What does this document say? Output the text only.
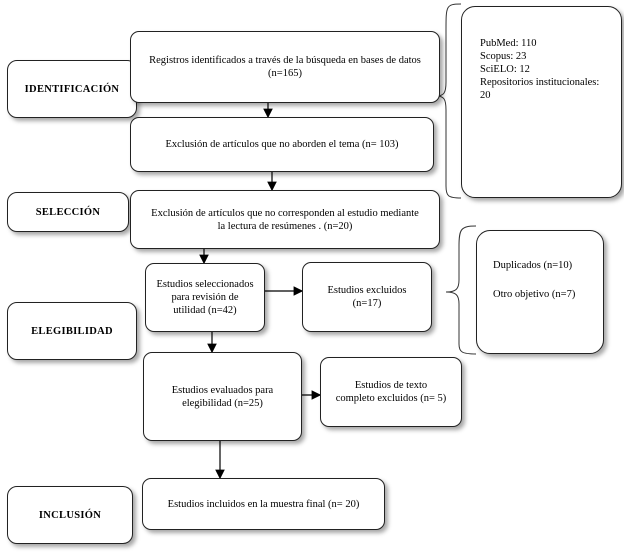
IDENTIFICACIÓN
SELECCIÓN
ELEGIBILIDAD
INCLUSIÓN
Registros identificados a través de la búsqueda en bases de datos
(n=165)
Exclusión de artículos que no aborden el tema (n= 103)
Exclusión de artículos que no corresponden al estudio mediante
la lectura de resúmenes . (n=20)
Estudios seleccionados
para revisión de
utilidad (n=42)
Estudios excluidos
(n=17)
Estudios evaluados para
elegibilidad (n=25)
Estudios de texto
completo excluidos (n= 5)
Estudios incluidos en la muestra final (n= 20)
PubMed: 110
Scopus: 23
SciELO: 12
Repositorios institucionales:
20
Duplicados (n=10)
Otro objetivo (n=7)
